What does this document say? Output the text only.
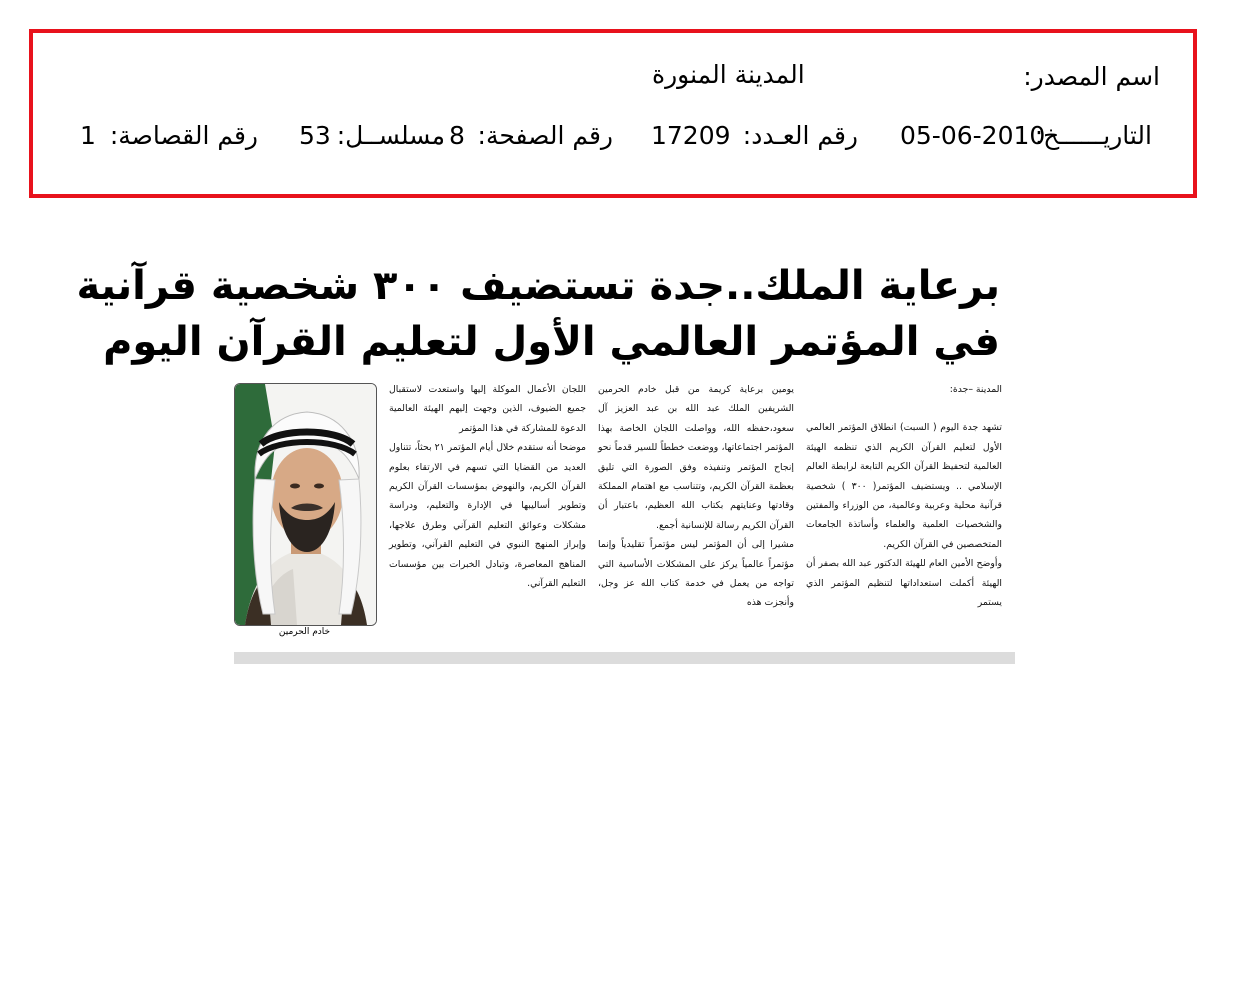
اسم المصدر:
المدينة المنورة
التاريــــــخ:
05-06-2010
رقم العـدد:
17209
رقم الصفحة:
8
مسلســل:
53
رقم القصاصة:
1
برعاية الملك..جدة تستضيف ٣٠٠ شخصية قرآنية
في المؤتمر العالمي الأول لتعليم القرآن اليوم

المدينة –جدة:

تشهد جدة اليوم ( السبت) انطلاق المؤتمر العالمي الأول لتعليم القرآن الكريم الذي تنظمه الهيئة العالمية لتحفيظ القرآن الكريم التابعة لرابطة العالم الإسلامي .. ويستضيف المؤتمر( ٣٠٠ ) شخصية قرآنية محلية وعربية وعالمية، من الوزراء والمفتين والشخصيات العلمية والعلماء وأساتذة الجامعات المتخصصين في القرآن الكريم.

وأوضح الأمين العام للهيئة الدكتور عبد الله بصفر أن الهيئة أكملت استعداداتها لتنظيم المؤتمر الذي يستمر

يومين برعاية كريمة من قبل خادم الحرمين الشريفين الملك عبد الله بن عبد العزيز آل سعود،حفظه الله، وواصلت اللجان الخاصة بهذا المؤتمر اجتماعاتها، ووضعت خططاً للسير قدماً نحو إنجاح المؤتمر وتنفيذه وفق الصورة التي تليق بعظمة القرآن الكريم، وتتناسب مع اهتمام المملكة وقادتها وعنايتهم بكتاب الله العظيم، باعتبار أن القرآن الكريم رسالة للإنسانية أجمع.

مشيرا إلى أن المؤتمر ليس مؤتمراً تقليدياً وإنما مؤتمراً عالمياً يركز على المشكلات الأساسية التي تواجه من يعمل في خدمة كتاب الله عز وجل، وأنجزت هذه

اللجان الأعمال الموكلة إليها واستعدت لاستقبال جميع الضيوف، الذين وجهت إليهم الهيئة العالمية الدعوة للمشاركة في هذا المؤتمر

موضحا أنه ستقدم خلال أيام المؤتمر ٢١ بحثاً، تتناول العديد من القضايا التي تسهم في الارتقاء بعلوم القرآن الكريم، والنهوض بمؤسسات القرآن الكريم وتطوير أساليبها في الإدارة والتعليم، ودراسة مشكلات وعوائق التعليم القرآني وطرق علاجها، وإبراز المنهج النبوي في التعليم القرآني، وتطوير المناهج المعاصرة، وتبادل الخبرات بين مؤسسات التعليم القرآني.

خادم الحرمين
